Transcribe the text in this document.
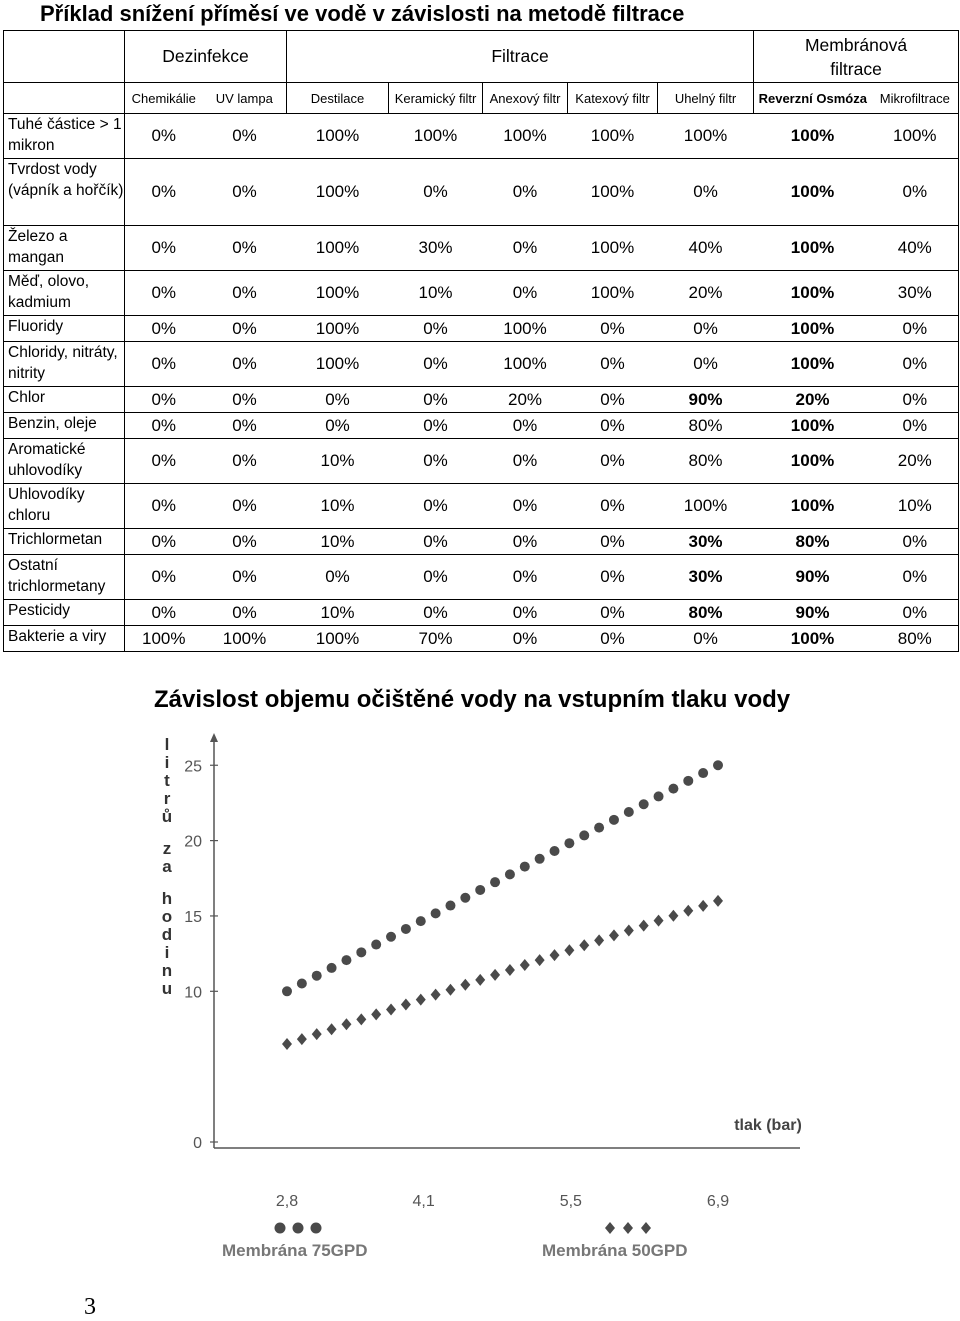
Příklad snížení příměsí ve vodě v závislosti na metodě filtrace
	Dezinfekce		Filtrace					Membránová
filtrace	
	Chemikálie	UV lampa	Destilace	Keramický filtr	Anexový filtr	Katexový filtr	Uhelný filtr	Reverzní Osmóza	Mikrofiltrace
Tuhé částice > 1 mikron	0%	0%	100%	100%	100%	100%	100%	100%	100%
Tvrdost vody (vápník a hořčík)	0%	0%	100%	0%	0%	100%	0%	100%	0%
Železo a mangan	0%	0%	100%	30%	0%	100%	40%	100%	40%
Měď, olovo, kadmium	0%	0%	100%	10%	0%	100%	20%	100%	30%
Fluoridy	0%	0%	100%	0%	100%	0%	0%	100%	0%
Chloridy, nitráty, nitrity	0%	0%	100%	0%	100%	0%	0%	100%	0%
Chlor	0%	0%	0%	0%	20%	0%	90%	20%	0%
Benzin, oleje	0%	0%	0%	0%	0%	0%	80%	100%	0%
Aromatické uhlovodíky	0%	0%	10%	0%	0%	0%	80%	100%	20%
Uhlovodíky chloru	0%	0%	10%	0%	0%	0%	100%	100%	10%
Trichlormetan	0%	0%	10%	0%	0%	0%	30%	80%	0%
Ostatní trichlormetany	0%	0%	0%	0%	0%	0%	30%	90%	0%
Pesticidy	0%	0%	10%	0%	0%	0%	80%	90%	0%
Bakterie a viry	100%	100%	100%	70%	0%	0%	0%	100%	80%
Závislost objemu očištěné vody na vstupním tlaku vody
l
i
t
r
ů
z
a
h
o
d
i
n
u
0
10
15
20
25
2,8	4,1	5,5	6,9
tlak (bar)
Membrána 75GPD	Membrána 50GPD
3
